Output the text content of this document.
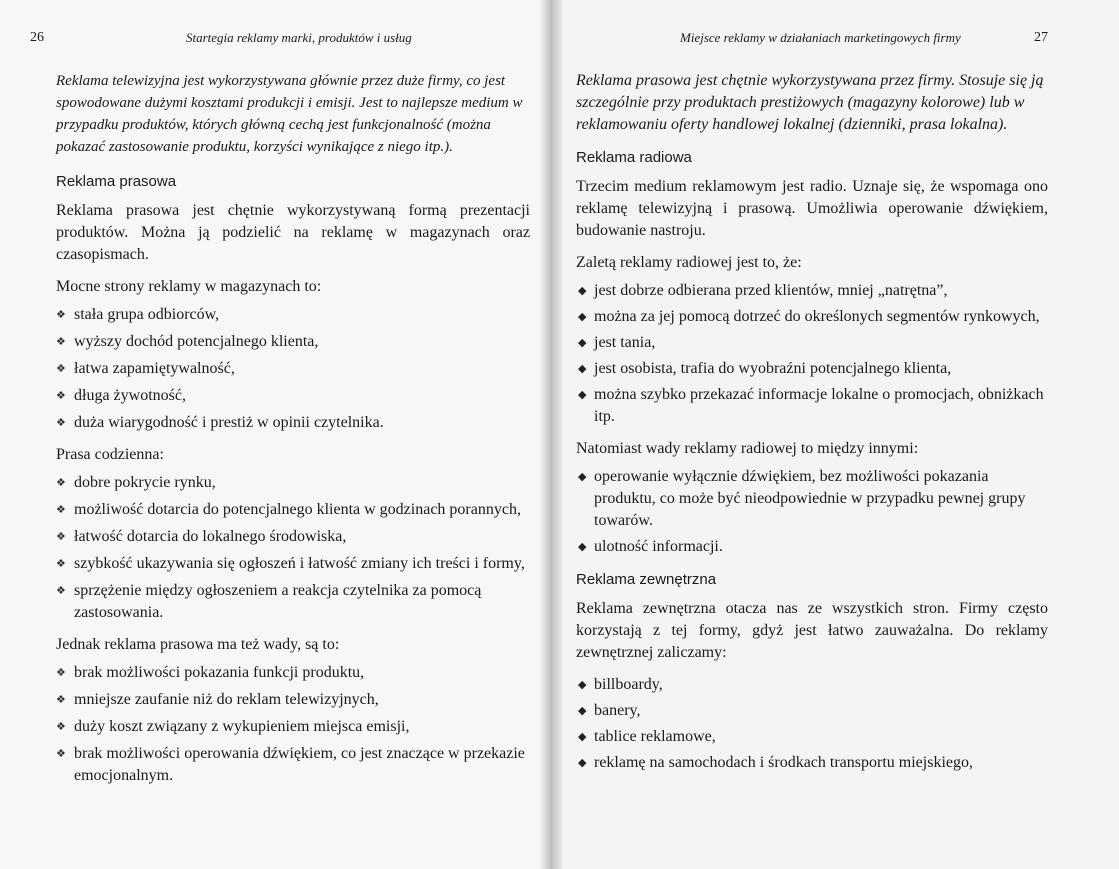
26	Startegia reklamy marki, produktów i usług

Reklama telewizyjna jest wykorzystywana głównie przez duże firmy, co jest spowodowane dużymi kosztami produkcji i emisji. Jest to najlepsze medium w przypadku produktów, których główną cechą jest funkcjonalność (można pokazać zastosowanie produktu, korzyści wynikające z niego itp.).

Reklama prasowa

Reklama prasowa jest chętnie wykorzystywaną formą prezentacji produktów. Można ją podzielić na reklamę w magazynach oraz czasopismach.

Mocne strony reklamy w magazynach to:

❖ stała grupa odbiorców,
❖ wyższy dochód potencjalnego klienta,
❖ łatwa zapamiętywalność,
❖ długa żywotność,
❖ duża wiarygodność i prestiż w opinii czytelnika.

Prasa codzienna:

❖ dobre pokrycie rynku,
❖ możliwość dotarcia do potencjalnego klienta w godzinach porannych,
❖ łatwość dotarcia do lokalnego środowiska,
❖ szybkość ukazywania się ogłoszeń i łatwość zmiany ich treści i formy,
❖ sprzężenie między ogłoszeniem a reakcja czytelnika za pomocą zastosowania.

Jednak reklama prasowa ma też wady, są to:

❖ brak możliwości pokazania funkcji produktu,
❖ mniejsze zaufanie niż do reklam telewizyjnych,
❖ duży koszt związany z wykupieniem miejsca emisji,
❖ brak możliwości operowania dźwiękiem, co jest znaczące w przekazie emocjonalnym.
Miejsce reklamy w działaniach marketingowych firmy	27

Reklama prasowa jest chętnie wykorzystywana przez firmy. Stosuje się ją szczególnie przy produktach prestiżowych (magazyny kolorowe) lub w reklamowaniu oferty handlowej lokalnej (dzienniki, prasa lokalna).

Reklama radiowa

Trzecim medium reklamowym jest radio. Uznaje się, że wspomaga ono reklamę telewizyjną i prasową. Umożliwia operowanie dźwiękiem, budowanie nastroju.

Zaletą reklamy radiowej jest to, że:

◆ jest dobrze odbierana przed klientów, mniej „natrętna”,
◆ można za jej pomocą dotrzeć do określonych segmentów rynkowych,
◆ jest tania,
◆ jest osobista, trafia do wyobraźni potencjalnego klienta,
◆ można szybko przekazać informacje lokalne o promocjach, obniżkach itp.

Natomiast wady reklamy radiowej to między innymi:

◆ operowanie wyłącznie dźwiękiem, bez możliwości pokazania produktu, co może być nieodpowiednie w przypadku pewnej grupy towarów.
◆ ulotność informacji.
Reklama zewnętrzna

Reklama zewnętrzna otacza nas ze wszystkich stron. Firmy często korzystają z tej formy, gdyż jest łatwo zauważalna. Do reklamy zewnętrznej zaliczamy:

◆ billboardy,
◆ banery,
◆ tablice reklamowe,
◆ reklamę na samochodach i środkach transportu miejskiego,
